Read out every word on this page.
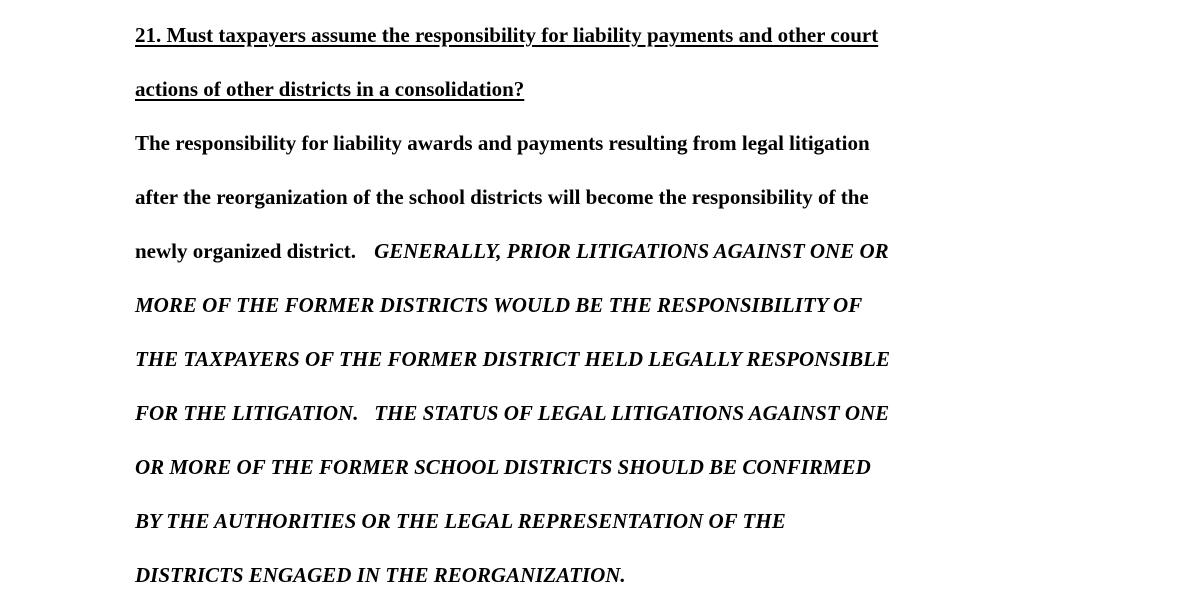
21. Must taxpayers assume the responsibility for liability payments and other court
actions of other districts in a consolidation?
The responsibility for liability awards and payments resulting from legal litigation
after the reorganization of the school districts will become the responsibility of the
newly organized district. GENERALLY, PRIOR LITIGATIONS AGAINST ONE OR
MORE OF THE FORMER DISTRICTS WOULD BE THE RESPONSIBILITY OF
THE TAXPAYERS OF THE FORMER DISTRICT HELD LEGALLY RESPONSIBLE
FOR THE LITIGATION.   THE STATUS OF LEGAL LITIGATIONS AGAINST ONE
OR MORE OF THE FORMER SCHOOL DISTRICTS SHOULD BE CONFIRMED
BY THE AUTHORITIES OR THE LEGAL REPRESENTATION OF THE
DISTRICTS ENGAGED IN THE REORGANIZATION.
